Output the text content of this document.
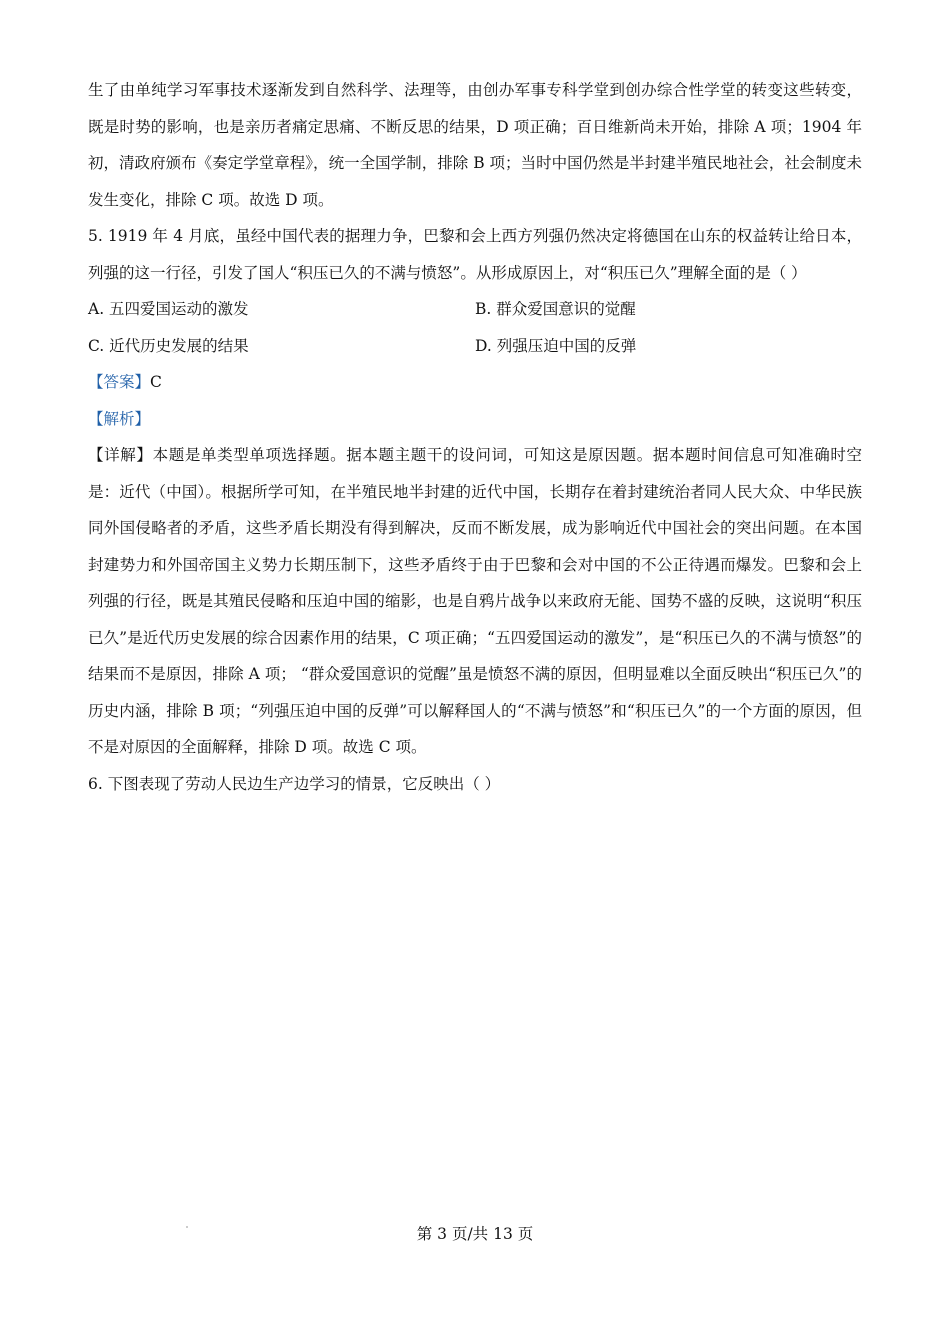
生了由单纯学习军事技术逐渐发到自然科学、法理等，由创办军事专科学堂到创办综合性学堂的转变这些转变，既是时势的影响，也是亲历者痛定思痛、不断反思的结果，D 项正确；百日维新尚未开始，排除 A 项；1904 年初，清政府颁布《奏定学堂章程》，统一全国学制，排除 B 项；当时中国仍然是半封建半殖民地社会，社会制度未发生变化，排除 C 项。故选 D 项。

5. 1919 年 4 月底，虽经中国代表的据理力争，巴黎和会上西方列强仍然决定将德国在山东的权益转让给日本，列强的这一行径，引发了国人“积压已久的不满与愤怒”。从形成原因上，对“积压已久”理解全面的是（ ）

A. 五四爱国运动的激发	B. 群众爱国意识的觉醒
C. 近代历史发展的结果	D. 列强压迫中国的反弹

【答案】C

【解析】

【详解】本题是单类型单项选择题。据本题主题干的设问词，可知这是原因题。据本题时间信息可知准确时空是：近代（中国）。根据所学可知，在半殖民地半封建的近代中国，长期存在着封建统治者同人民大众、中华民族同外国侵略者的矛盾，这些矛盾长期没有得到解决，反而不断发展，成为影响近代中国社会的突出问题。在本国封建势力和外国帝国主义势力长期压制下，这些矛盾终于由于巴黎和会对中国的不公正待遇而爆发。巴黎和会上列强的行径，既是其殖民侵略和压迫中国的缩影，也是自鸦片战争以来政府无能、国势不盛的反映，这说明“积压已久”是近代历史发展的综合因素作用的结果，C 项正确；“五四爱国运动的激发”，是“积压已久的不满与愤怒”的结果而不是原因，排除 A 项； “群众爱国意识的觉醒”虽是愤怒不满的原因，但明显难以全面反映出“积压已久”的历史内涵，排除 B 项；“列强压迫中国的反弹”可以解释国人的“不满与愤怒”和“积压已久”的一个方面的原因，但不是对原因的全面解释，排除 D 项。故选 C 项。

6. 下图表现了劳动人民边生产边学习的情景，它反映出（ ）

第 3 页/共 13 页
